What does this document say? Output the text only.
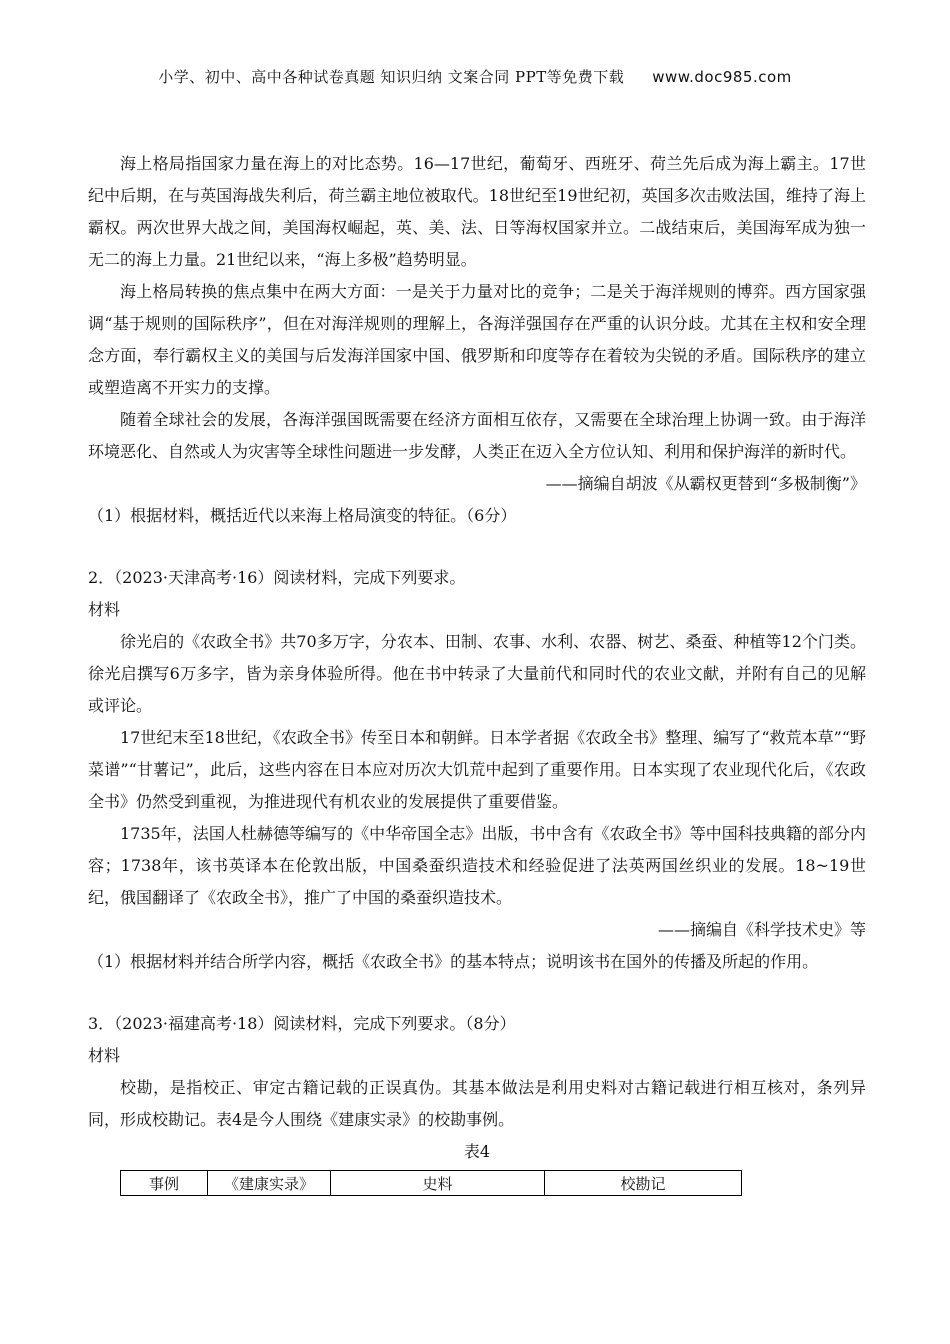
小学、初中、高中各种试卷真题 知识归纳 文案合同 PPT等免费下载 www.doc985.com

海上格局指国家力量在海上的对比态势。16—17世纪，葡萄牙、西班牙、荷兰先后成为海上霸主。17世纪中后期，在与英国海战失利后，荷兰霸主地位被取代。18世纪至19世纪初，英国多次击败法国，维持了海上霸权。两次世界大战之间，美国海权崛起，英、美、法、日等海权国家并立。二战结束后，美国海军成为独一无二的海上力量。21世纪以来，“海上多极”趋势明显。

海上格局转换的焦点集中在两大方面：一是关于力量对比的竞争；二是关于海洋规则的博弈。西方国家强调“基于规则的国际秩序”，但在对海洋规则的理解上，各海洋强国存在严重的认识分歧。尤其在主权和安全理念方面，奉行霸权主义的美国与后发海洋国家中国、俄罗斯和印度等存在着较为尖锐的矛盾。国际秩序的建立或塑造离不开实力的支撑。

随着全球社会的发展，各海洋强国既需要在经济方面相互依存，又需要在全球治理上协调一致。由于海洋环境恶化、自然或人为灾害等全球性问题进一步发酵，人类正在迈入全方位认知、利用和保护海洋的新时代。

——摘编自胡波《从霸权更替到“多极制衡”》

（1）根据材料，概括近代以来海上格局演变的特征。（6分）

2．（2023·天津高考·16）阅读材料，完成下列要求。

材料

徐光启的《农政全书》共70多万字，分农本、田制、农事、水利、农器、树艺、桑蚕、种植等12个门类。徐光启撰写6万多字，皆为亲身体验所得。他在书中转录了大量前代和同时代的农业文献，并附有自己的见解或评论。

17世纪末至18世纪，《农政全书》传至日本和朝鲜。日本学者据《农政全书》整理、编写了“救荒本草”“野菜谱”“甘薯记”，此后，这些内容在日本应对历次大饥荒中起到了重要作用。日本实现了农业现代化后，《农政全书》仍然受到重视，为推进现代有机农业的发展提供了重要借鉴。

1735年，法国人杜赫德等编写的《中华帝国全志》出版，书中含有《农政全书》等中国科技典籍的部分内容；1738年，该书英译本在伦敦出版，中国桑蚕织造技术和经验促进了法英两国丝织业的发展。18~19世纪，俄国翻译了《农政全书》，推广了中国的桑蚕织造技术。

——摘编自《科学技术史》等

（1）根据材料并结合所学内容，概括《农政全书》的基本特点；说明该书在国外的传播及所起的作用。

3．（2023·福建高考·18）阅读材料，完成下列要求。（8分）

材料

校勘，是指校正、审定古籍记载的正误真伪。其基本做法是利用史料对古籍记载进行相互核对，条列异同，形成校勘记。表4是今人围绕《建康实录》的校勘事例。

表4

事例	《建康实录》	史料	校勘记
